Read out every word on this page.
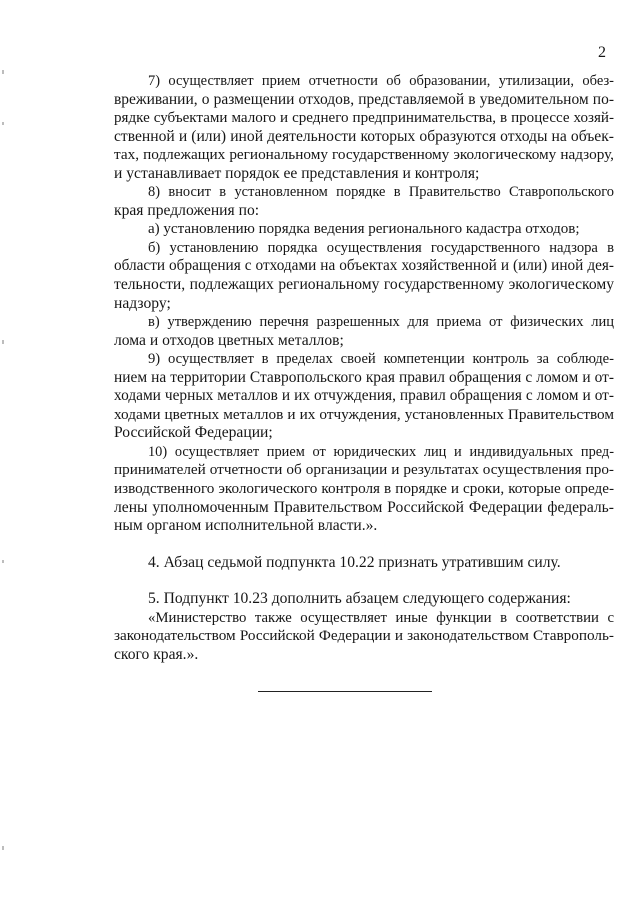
2
7) осуществляет прием отчетности об образовании, утилизации, обез-
вреживании, о размещении отходов, представляемой в уведомительном по-
рядке субъектами малого и среднего предпринимательства, в процессе хозяй-
ственной и (или) иной деятельности которых образуются отходы на объек-
тах, подлежащих региональному государственному экологическому надзору,
и устанавливает порядок ее представления и контроля;
8) вносит в установленном порядке в Правительство Ставропольского
края предложения по:
а) установлению порядка ведения регионального кадастра отходов;
б) установлению порядка осуществления государственного надзора в
области обращения с отходами на объектах хозяйственной и (или) иной дея-
тельности, подлежащих региональному государственному экологическому
надзору;
в) утверждению перечня разрешенных для приема от физических лиц
лома и отходов цветных металлов;
9) осуществляет в пределах своей компетенции контроль за соблюде-
нием на территории Ставропольского края правил обращения с ломом и от-
ходами черных металлов и их отчуждения, правил обращения с ломом и от-
ходами цветных металлов и их отчуждения, установленных Правительством
Российской Федерации;
10) осуществляет прием от юридических лиц и индивидуальных пред-
принимателей отчетности об организации и результатах осуществления про-
изводственного экологического контроля в порядке и сроки, которые опреде-
лены уполномоченным Правительством Российской Федерации федераль-
ным органом исполнительной власти.».
4. Абзац седьмой подпункта 10.22 признать утратившим силу.
5. Подпункт 10.23 дополнить абзацем следующего содержания:
«Министерство также осуществляет иные функции в соответствии с
законодательством Российской Федерации и законодательством Ставрополь-
ского края.».
